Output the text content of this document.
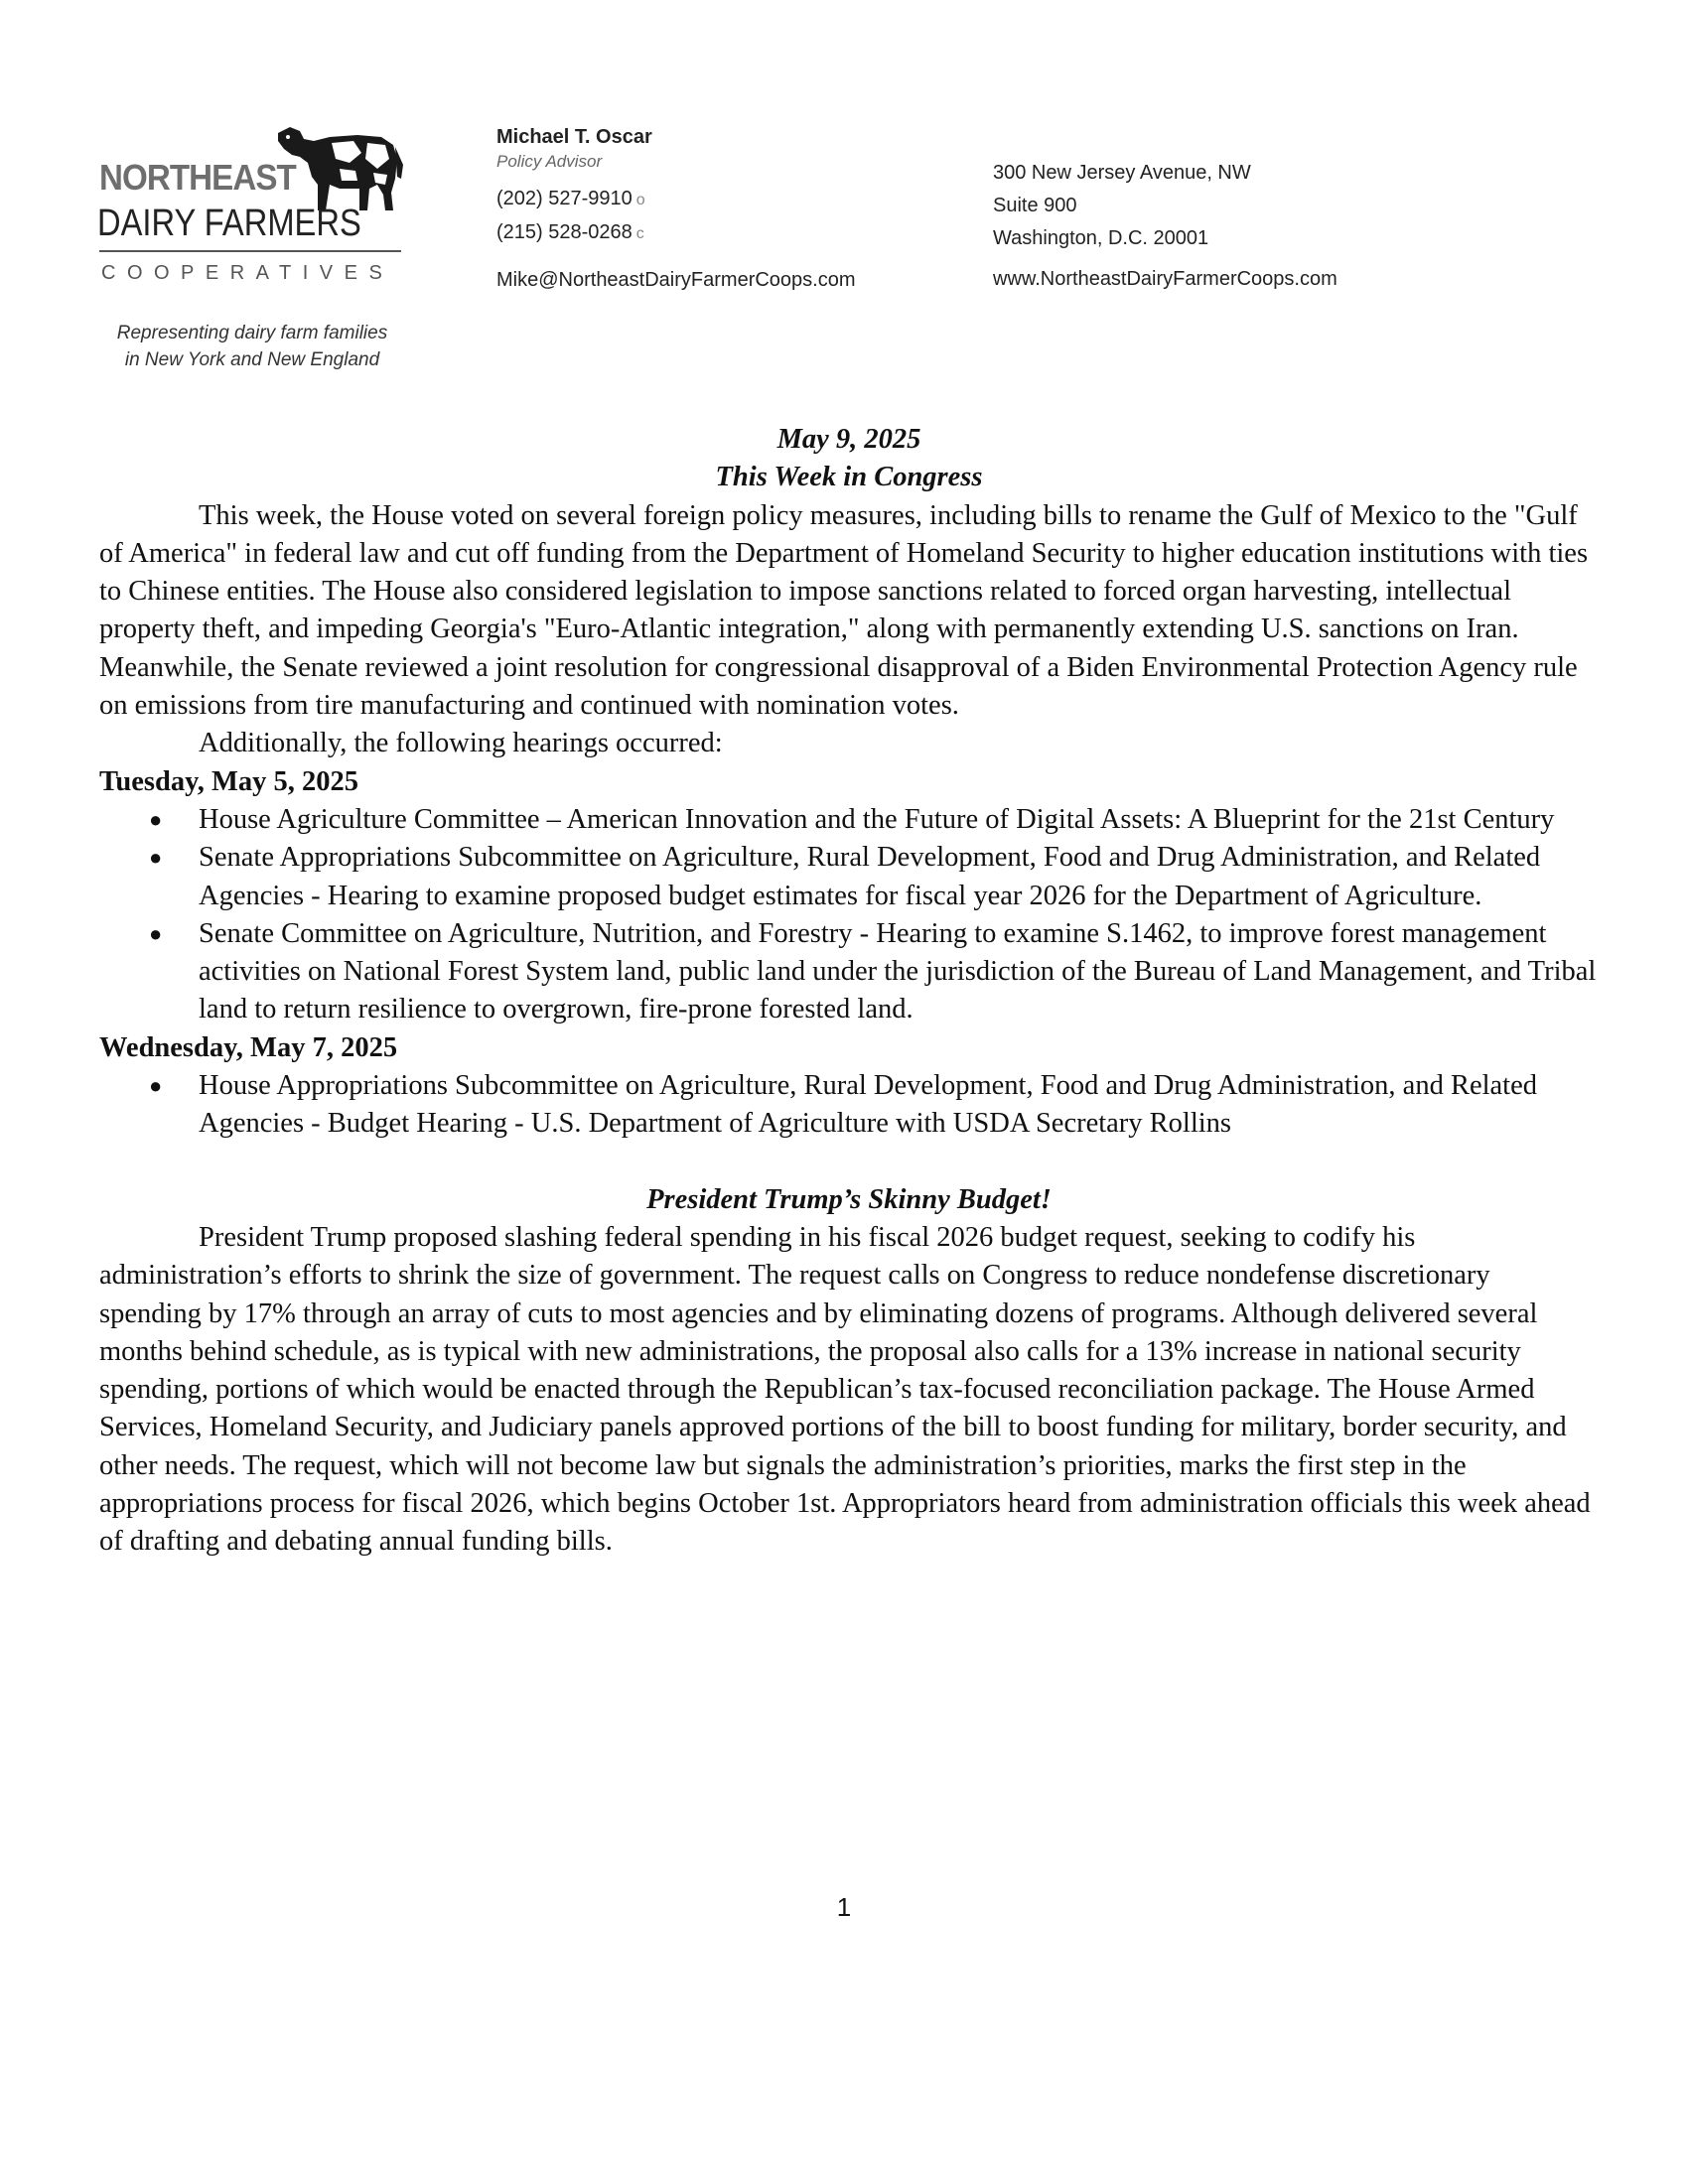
NORTHEAST
DAIRY FARMERS
COOPERATIVES
Representing dairy farm families
in New York and New England
Michael T. Oscar
Policy Advisor
(202) 527-9910 o
(215) 528-0268 c
Mike@NortheastDairyFarmerCoops.com
300 New Jersey Avenue, NW
Suite 900
Washington, D.C. 20001
www.NortheastDairyFarmerCoops.com
May 9, 2025
This Week in Congress

This week, the House voted on several foreign policy measures, including bills to rename the Gulf of Mexico to the "Gulf of America" in federal law and cut off funding from the Department of Homeland Security to higher education institutions with ties to Chinese entities. The House also considered legislation to impose sanctions related to forced organ harvesting, intellectual property theft, and impeding Georgia's "Euro-Atlantic integration," along with permanently extending U.S. sanctions on Iran. Meanwhile, the Senate reviewed a joint resolution for congressional disapproval of a Biden Environmental Protection Agency rule on emissions from tire manufacturing and continued with nomination votes.

Additionally, the following hearings occurred:

Tuesday, May 5, 2025
● House Agriculture Committee – American Innovation and the Future of Digital Assets: A Blueprint for the 21st Century
● Senate Appropriations Subcommittee on Agriculture, Rural Development, Food and Drug Administration, and Related Agencies - Hearing to examine proposed budget estimates for fiscal year 2026 for the Department of Agriculture.
● Senate Committee on Agriculture, Nutrition, and Forestry - Hearing to examine S.1462, to improve forest management activities on National Forest System land, public land under the jurisdiction of the Bureau of Land Management, and Tribal land to return resilience to overgrown, fire-prone forested land.
Wednesday, May 7, 2025
● House Appropriations Subcommittee on Agriculture, Rural Development, Food and Drug Administration, and Related Agencies - Budget Hearing - U.S. Department of Agriculture with USDA Secretary Rollins
President Trump’s Skinny Budget!

President Trump proposed slashing federal spending in his fiscal 2026 budget request, seeking to codify his administration’s efforts to shrink the size of government. The request calls on Congress to reduce nondefense discretionary spending by 17% through an array of cuts to most agencies and by eliminating dozens of programs. Although delivered several months behind schedule, as is typical with new administrations, the proposal also calls for a 13% increase in national security spending, portions of which would be enacted through the Republican’s tax-focused reconciliation package. The House Armed Services, Homeland Security, and Judiciary panels approved portions of the bill to boost funding for military, border security, and other needs. The request, which will not become law but signals the administration’s priorities, marks the first step in the appropriations process for fiscal 2026, which begins October 1st. Appropriators heard from administration officials this week ahead of drafting and debating annual funding bills.

1
